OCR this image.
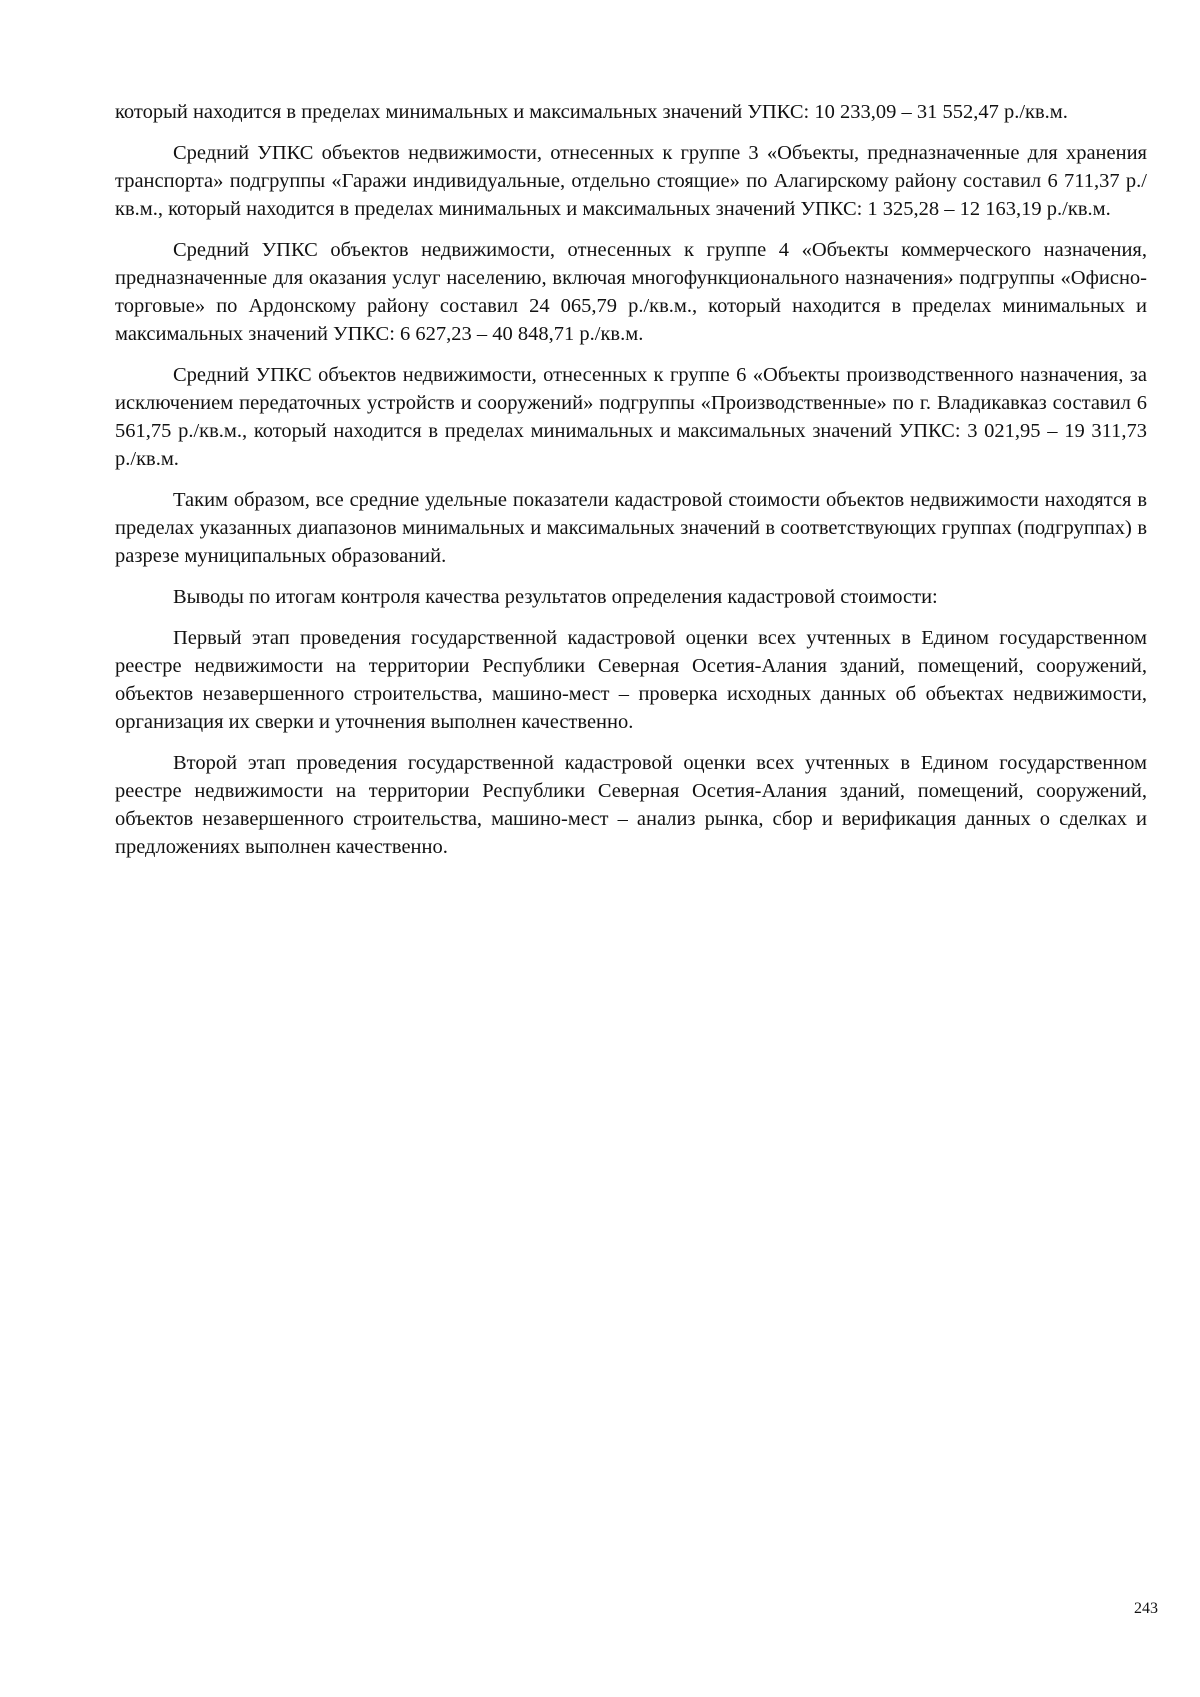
который находится в пределах минимальных и максимальных значений УПКС: 10 233,09 – 31 552,47 р./кв.м.

Средний УПКС объектов недвижимости, отнесенных к группе 3 «Объекты, предназначенные для хранения транспорта» подгруппы «Гаражи индивидуальные, отдельно стоящие» по Алагирскому району составил 6 711,37 р./кв.м., который находится в пределах минимальных и максимальных значений УПКС: 1 325,28 – 12 163,19 р./кв.м.

Средний УПКС объектов недвижимости, отнесенных к группе 4 «Объекты коммерческого назначения, предназначенные для оказания услуг населению, включая многофункционального назначения» подгруппы «Офисно-торговые» по Ардонскому району составил 24 065,79 р./кв.м., который находится в пределах минимальных и максимальных значений УПКС: 6 627,23 – 40 848,71 р./кв.м.

Средний УПКС объектов недвижимости, отнесенных к группе 6 «Объекты производственного назначения, за исключением передаточных устройств и сооружений» подгруппы «Производственные» по г. Владикавказ составил 6 561,75 р./кв.м., который находится в пределах минимальных и максимальных значений УПКС: 3 021,95 – 19 311,73 р./кв.м.

Таким образом, все средние удельные показатели кадастровой стоимости объектов недвижимости находятся в пределах указанных диапазонов минимальных и максимальных значений в соответствующих группах (подгруппах) в разрезе муниципальных образований.

Выводы по итогам контроля качества результатов определения кадастровой стоимости:

Первый этап проведения государственной кадастровой оценки всех учтенных в Едином государственном реестре недвижимости на территории Республики Северная Осетия-Алания зданий, помещений, сооружений, объектов незавершенного строительства, машино-мест – проверка исходных данных об объектах недвижимости, организация их сверки и уточнения выполнен качественно.

Второй этап проведения государственной кадастровой оценки всех учтенных в Едином государственном реестре недвижимости на территории Республики Северная Осетия-Алания зданий, помещений, сооружений, объектов незавершенного строительства, машино-мест – анализ рынка, сбор и верификация данных о сделках и предложениях выполнен качественно.

243
